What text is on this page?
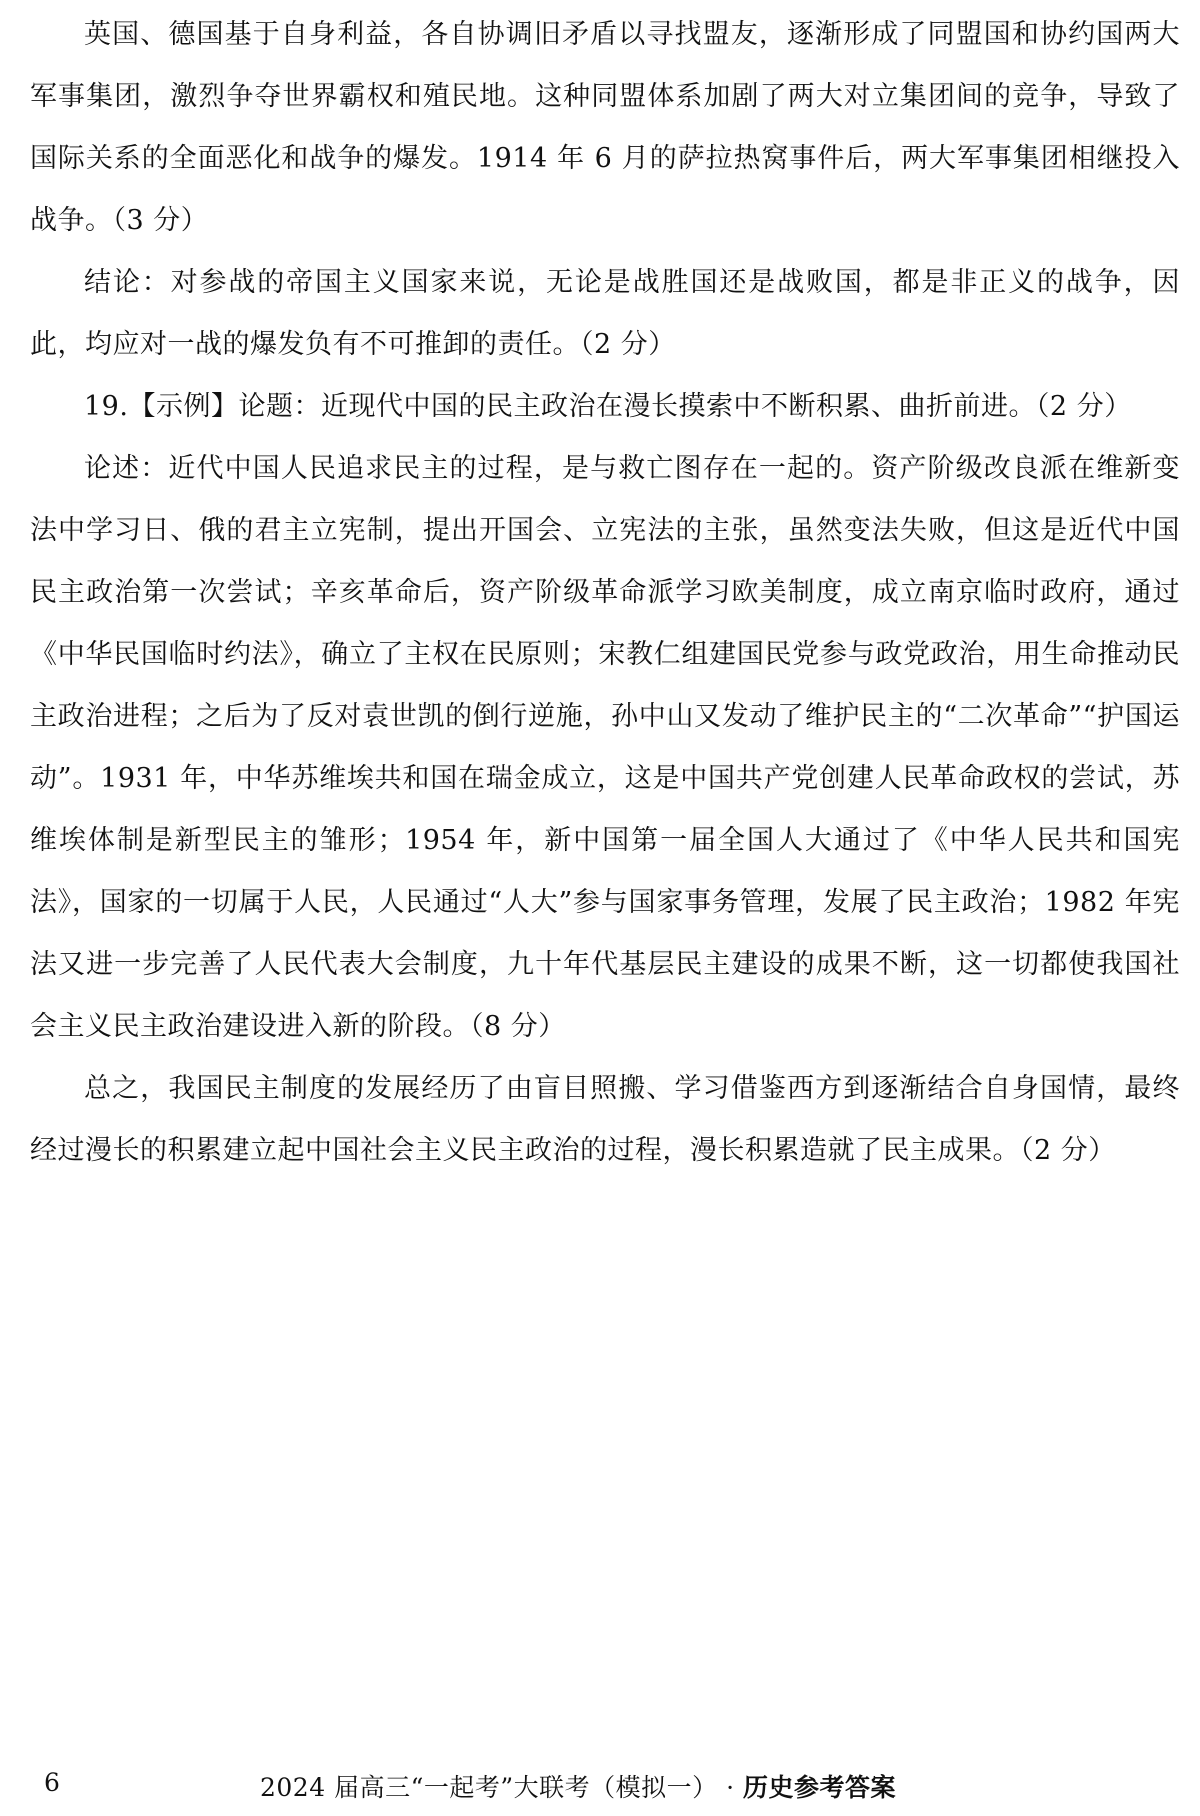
英国、德国基于自身利益，各自协调旧矛盾以寻找盟友，逐渐形成了同盟国和协约国两大军事集团，激烈争夺世界霸权和殖民地。这种同盟体系加剧了两大对立集团间的竞争，导致了国际关系的全面恶化和战争的爆发。1914 年 6 月的萨拉热窝事件后，两大军事集团相继投入战争。（3 分）

结论：对参战的帝国主义国家来说，无论是战胜国还是战败国，都是非正义的战争，因此，均应对一战的爆发负有不可推卸的责任。（2 分）

19.【示例】论题：近现代中国的民主政治在漫长摸索中不断积累、曲折前进。（2 分）

论述：近代中国人民追求民主的过程，是与救亡图存在一起的。资产阶级改良派在维新变法中学习日、俄的君主立宪制，提出开国会、立宪法的主张，虽然变法失败，但这是近代中国民主政治第一次尝试；辛亥革命后，资产阶级革命派学习欧美制度，成立南京临时政府，通过《中华民国临时约法》，确立了主权在民原则；宋教仁组建国民党参与政党政治，用生命推动民主政治进程；之后为了反对袁世凯的倒行逆施，孙中山又发动了维护民主的“二次革命”“护国运动”。1931 年，中华苏维埃共和国在瑞金成立，这是中国共产党创建人民革命政权的尝试，苏维埃体制是新型民主的雏形；1954 年，新中国第一届全国人大通过了《中华人民共和国宪法》，国家的一切属于人民，人民通过“人大”参与国家事务管理，发展了民主政治；1982 年宪法又进一步完善了人民代表大会制度，九十年代基层民主建设的成果不断，这一切都使我国社会主义民主政治建设进入新的阶段。（8 分）

总之，我国民主制度的发展经历了由盲目照搬、学习借鉴西方到逐渐结合自身国情，最终经过漫长的积累建立起中国社会主义民主政治的过程，漫长积累造就了民主成果。（2 分）

6	2024 届高三“一起考”大联考（模拟一） · 历史参考答案
